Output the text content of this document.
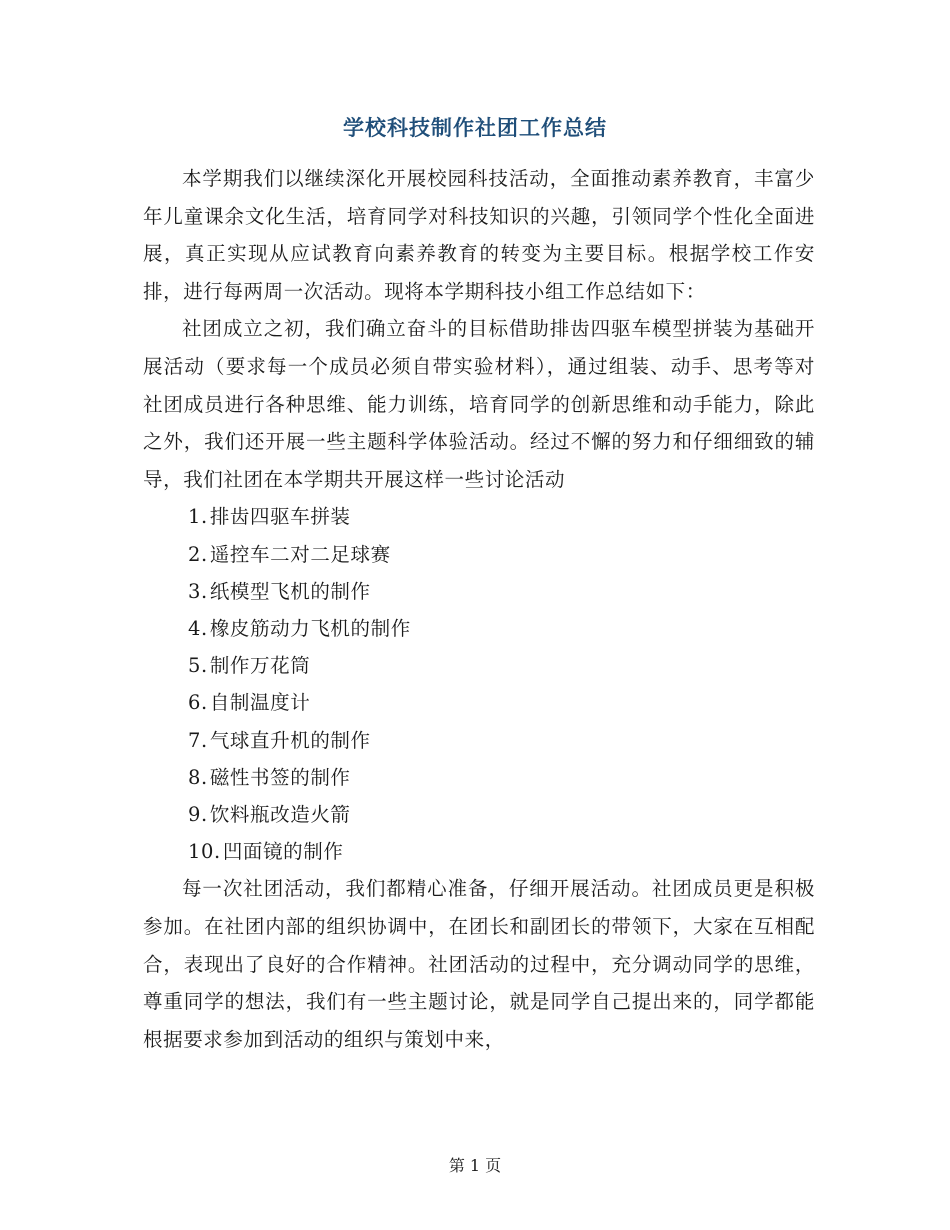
学校科技制作社团工作总结

本学期我们以继续深化开展校园科技活动，全面推动素养教育，丰富少年儿童课余文化生活，培育同学对科技知识的兴趣，引领同学个性化全面进展，真正实现从应试教育向素养教育的转变为主要目标。根据学校工作安排，进行每两周一次活动。现将本学期科技小组工作总结如下：

社团成立之初，我们确立奋斗的目标借助排齿四驱车模型拼装为基础开展活动（要求每一个成员必须自带实验材料），通过组装、动手、思考等对社团成员进行各种思维、能力训练，培育同学的创新思维和动手能力，除此之外，我们还开展一些主题科学体验活动。经过不懈的努力和仔细细致的辅导，我们社团在本学期共开展这样一些讨论活动

1. 排齿四驱车拼装
2. 遥控车二对二足球赛
3. 纸模型飞机的制作
4. 橡皮筋动力飞机的制作
5. 制作万花筒
6. 自制温度计
7. 气球直升机的制作
8. 磁性书签的制作
9. 饮料瓶改造火箭
10. 凹面镜的制作

每一次社团活动，我们都精心准备，仔细开展活动。社团成员更是积极参加。在社团内部的组织协调中，在团长和副团长的带领下，大家在互相配合，表现出了良好的合作精神。社团活动的过程中，充分调动同学的思维，尊重同学的想法，我们有一些主题讨论，就是同学自己提出来的，同学都能根据要求参加到活动的组织与策划中来，

第 1 页
